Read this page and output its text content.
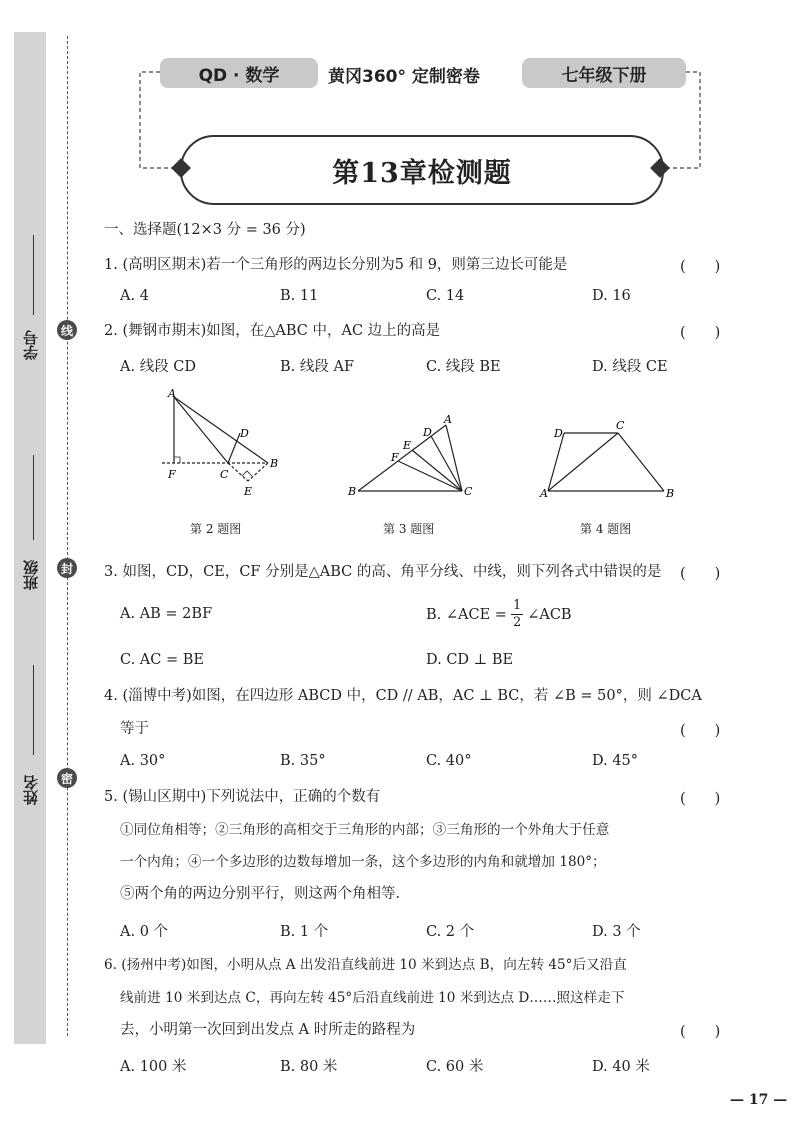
学号	线
班级	封
姓名	密
QD · 数学	黄冈360° 定制密卷	七年级下册
第13章检测题
一、选择题(12×3 分 = 36 分)
1. (高明区期末)若一个三角形的两边长分别为5 和 9，则第三边长可能是	(　　)
A. 4	B. 11	C. 14	D. 16
2. (舞钢市期末)如图，在△ABC 中，AC 边上的高是	(　　)
A. 线段 CD	B. 线段 AF	C. 线段 BE	D. 线段 CE
A
D
F	C
B
E
A
D
E
F
B	C
D
C
A	B
第 2 题图	第 3 题图	第 4 题图
3. 如图，CD，CE，CF 分别是△ABC 的高、角平分线、中线，则下列各式中错误的是 (　　)
A. AB = 2BF	B. ∠ACE = $\frac{1}{2}$ ∠ACB
C. AC = BE	D. CD ⊥ BE
4. (淄博中考)如图，在四边形 ABCD 中，CD // AB，AC ⊥ BC，若 ∠B = 50°，则 ∠DCA
等于	(　　)
A. 30°	B. 35°	C. 40°	D. 45°
5. (锡山区期中)下列说法中，正确的个数有	(　　)
①同位角相等；②三角形的高相交于三角形的内部；③三角形的一个外角大于任意
一个内角；④一个多边形的边数每增加一条，这个多边形的内角和就增加 180°；
⑤两个角的两边分别平行，则这两个角相等.
A. 0 个	B. 1 个	C. 2 个	D. 3 个
6. (扬州中考)如图，小明从点 A 出发沿直线前进 10 米到达点 B，向左转 45°后又沿直
线前进 10 米到达点 C，再向左转 45°后沿直线前进 10 米到达点 D……照这样走下
去，小明第一次回到出发点 A 时所走的路程为	(　　)
A. 100 米	B. 80 米	C. 60 米	D. 40 米
— 17 —
